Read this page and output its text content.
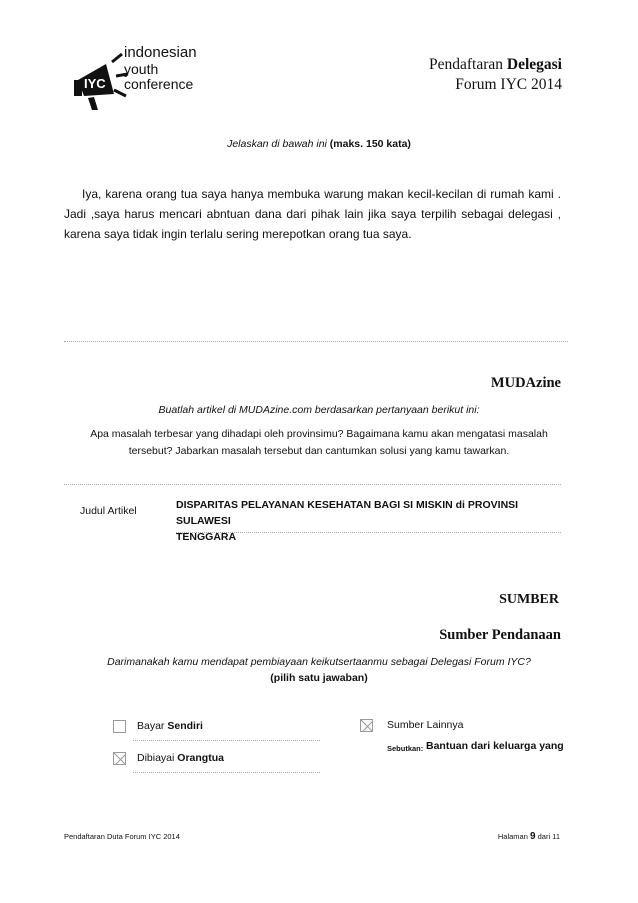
IYC
indonesian
youth
conference
Pendaftaran Delegasi
Forum IYC 2014
Jelaskan di bawah ini (maks. 150 kata)
Iya, karena orang tua saya hanya membuka warung makan kecil-kecilan di rumah kami . Jadi ,saya harus mencari abntuan dana dari pihak lain jika saya terpilih sebagai delegasi , karena saya tidak ingin terlalu sering merepotkan orang tua saya.
MUDAzine
Buatlah artikel di MUDAzine.com berdasarkan pertanyaan berikut ini:
Apa masalah terbesar yang dihadapi oleh provinsimu? Bagaimana kamu akan mengatasi masalah
tersebut? Jabarkan masalah tersebut dan cantumkan solusi yang kamu tawarkan.
Judul Artikel	DISPARITAS PELAYANAN KESEHATAN BAGI SI MISKIN di PROVINSI SULAWESI
TENGGARA
SUMBER
Sumber Pendanaan
Darimanakah kamu mendapat pembiayaan keikutsertaanmu sebagai Delegasi Forum IYC?
(pilih satu jawaban)
Bayar Sendiri
Dibiayai Orangtua
Sumber Lainnya
Sebutkan: Bantuan dari keluarga yang
Pendaftaran Duta Forum IYC 2014	Halaman 9 dari 11
